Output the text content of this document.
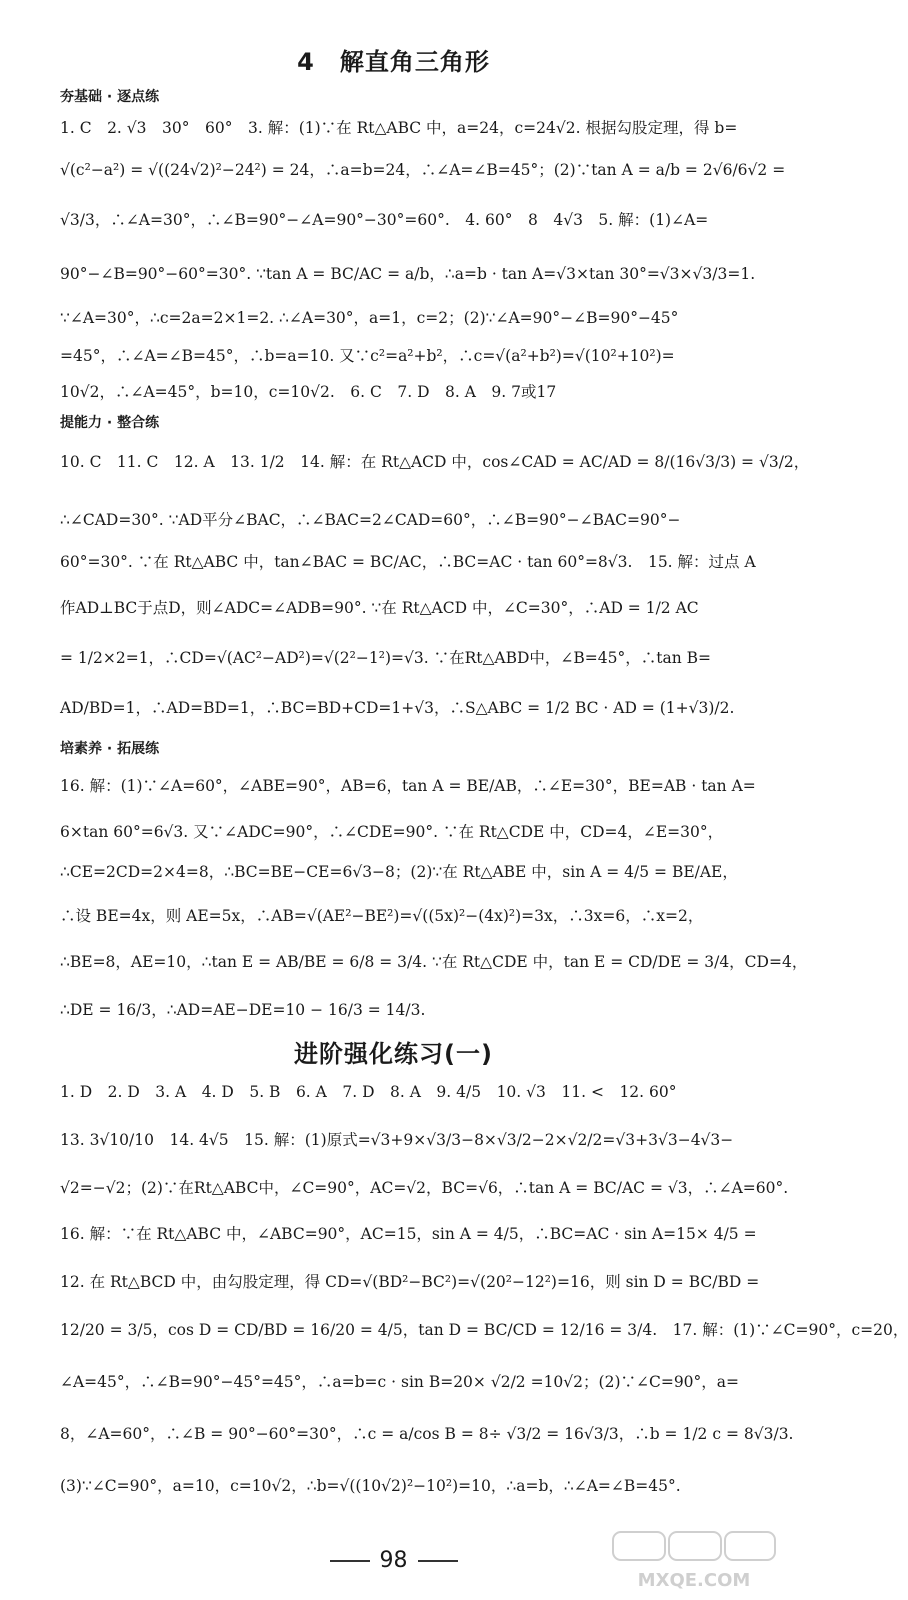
4　解直角三角形
夯基础 · 逐点练
1. C　2. √3　30°　60°　3. 解：(1)∵在 Rt△ABC 中，a=24，c=24√2. 根据勾股定理，得 b=
√(c²−a²) = √((24√2)²−24²) = 24，∴a=b=24，∴∠A=∠B=45°；(2)∵tan A = a/b = 2√6/6√2 =
√3/3，∴∠A=30°，∴∠B=90°−∠A=90°−30°=60°.　4. 60°　8　4√3　5. 解：(1)∠A=
90°−∠B=90°−60°=30°. ∵tan A = BC/AC = a/b，∴a=b · tan A=√3×tan 30°=√3×√3/3=1.
∵∠A=30°，∴c=2a=2×1=2. ∴∠A=30°，a=1，c=2；(2)∵∠A=90°−∠B=90°−45°
=45°，∴∠A=∠B=45°，∴b=a=10. 又∵c²=a²+b²，∴c=√(a²+b²)=√(10²+10²)=
10√2，∴∠A=45°，b=10，c=10√2.　6. C　7. D　8. A　9. 7或17
提能力 · 整合练
10. C　11. C　12. A　13. 1/2　14. 解：在 Rt△ACD 中，cos∠CAD = AC/AD = 8/(16√3/3) = √3/2，
∴∠CAD=30°. ∵AD平分∠BAC，∴∠BAC=2∠CAD=60°，∴∠B=90°−∠BAC=90°−
60°=30°. ∵在 Rt△ABC 中，tan∠BAC = BC/AC，∴BC=AC · tan 60°=8√3.　15. 解：过点 A
作AD⊥BC于点D，则∠ADC=∠ADB=90°. ∵在 Rt△ACD 中，∠C=30°，∴AD = 1/2 AC
= 1/2×2=1，∴CD=√(AC²−AD²)=√(2²−1²)=√3. ∵在Rt△ABD中，∠B=45°，∴tan B=
AD/BD=1，∴AD=BD=1，∴BC=BD+CD=1+√3，∴S△ABC = 1/2 BC · AD = (1+√3)/2.
培素养 · 拓展练
16. 解：(1)∵∠A=60°，∠ABE=90°，AB=6，tan A = BE/AB，∴∠E=30°，BE=AB · tan A=
6×tan 60°=6√3. 又∵∠ADC=90°，∴∠CDE=90°. ∵在 Rt△CDE 中，CD=4，∠E=30°，
∴CE=2CD=2×4=8，∴BC=BE−CE=6√3−8；(2)∵在 Rt△ABE 中，sin A = 4/5 = BE/AE，
∴设 BE=4x，则 AE=5x，∴AB=√(AE²−BE²)=√((5x)²−(4x)²)=3x，∴3x=6，∴x=2，
∴BE=8，AE=10，∴tan E = AB/BE = 6/8 = 3/4. ∵在 Rt△CDE 中，tan E = CD/DE = 3/4，CD=4，
∴DE = 16/3，∴AD=AE−DE=10 − 16/3 = 14/3.
进阶强化练习(一)
1. D　2. D　3. A　4. D　5. B　6. A　7. D　8. A　9. 4/5　10. √3　11. <　12. 60°
13. 3√10/10　14. 4√5　15. 解：(1)原式=√3+9×√3/3−8×√3/2−2×√2/2=√3+3√3−4√3−
√2=−√2；(2)∵在Rt△ABC中，∠C=90°，AC=√2，BC=√6，∴tan A = BC/AC = √3，∴∠A=60°.
16. 解：∵在 Rt△ABC 中，∠ABC=90°，AC=15，sin A = 4/5，∴BC=AC · sin A=15× 4/5 =
12. 在 Rt△BCD 中，由勾股定理，得 CD=√(BD²−BC²)=√(20²−12²)=16，则 sin D = BC/BD =
12/20 = 3/5，cos D = CD/BD = 16/20 = 4/5，tan D = BC/CD = 12/16 = 3/4.　17. 解：(1)∵∠C=90°，c=20，
∠A=45°，∴∠B=90°−45°=45°，∴a=b=c · sin B=20× √2/2 =10√2；(2)∵∠C=90°，a=
8，∠A=60°，∴∠B = 90°−60°=30°，∴c = a/cos B = 8÷ √3/2 = 16√3/3，∴b = 1/2 c = 8√3/3.
(3)∵∠C=90°，a=10，c=10√2，∴b=√((10√2)²−10²)=10，∴a=b，∴∠A=∠B=45°.
98
MXQE.COM
